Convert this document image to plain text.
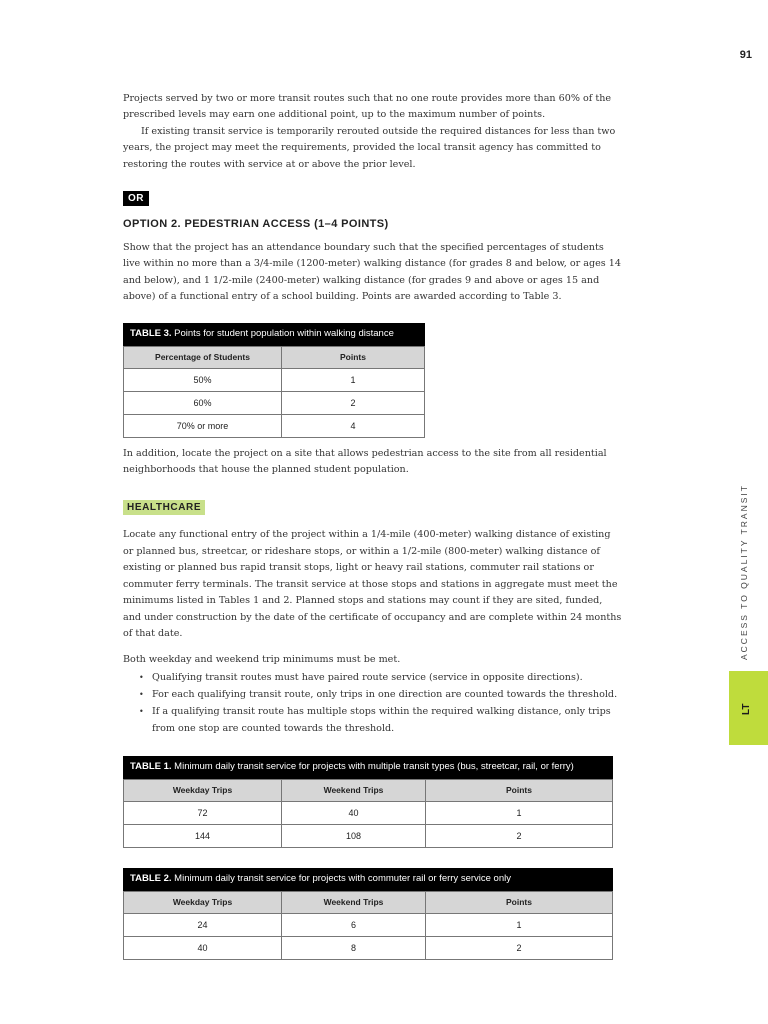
91

Projects served by two or more transit routes such that no one route provides more than 60% of the prescribed levels may earn one additional point, up to the maximum number of points.

If existing transit service is temporarily rerouted outside the required distances for less than two years, the project may meet the requirements, provided the local transit agency has committed to restoring the routes with service at or above the prior level.

OR
OPTION 2. PEDESTRIAN ACCESS (1–4 POINTS)

Show that the project has an attendance boundary such that the specified percentages of students live within no more than a 3/4-mile (1200-meter) walking distance (for grades 8 and below, or ages 14 and below), and 1 1/2-mile (2400-meter) walking distance (for grades 9 and above or ages 15 and above) of a functional entry of a school building. Points are awarded according to Table 3.

TABLE 3. Points for student population within walking distance
Percentage of Students	Points
50%	1
60%	2
70% or more	4

In addition, locate the project on a site that allows pedestrian access to the site from all residential neighborhoods that house the planned student population.

HEALTHCARE

Locate any functional entry of the project within a 1/4-mile (400-meter) walking distance of existing or planned bus, streetcar, or rideshare stops, or within a 1/2-mile (800-meter) walking distance of existing or planned bus rapid transit stops, light or heavy rail stations, commuter rail stations or commuter ferry terminals. The transit service at those stops and stations in aggregate must meet the minimums listed in Tables 1 and 2. Planned stops and stations may count if they are sited, funded, and under construction by the date of the certificate of occupancy and are complete within 24 months of that date.

Both weekday and weekend trip minimums must be met.

• Qualifying transit routes must have paired route service (service in opposite directions).
• For each qualifying transit route, only trips in one direction are counted towards the threshold.
• If a qualifying transit route has multiple stops within the required walking distance, only trips from one stop are counted towards the threshold.
TABLE 1. Minimum daily transit service for projects with multiple transit types (bus, streetcar, rail, or ferry)
Weekday Trips	Weekend Trips	Points
72	40	1
144	108	2
TABLE 2. Minimum daily transit service for projects with commuter rail or ferry service only
Weekday Trips	Weekend Trips	Points
24	6	1
40	8	2
ACCESS TO QUALITY TRANSIT
LT
